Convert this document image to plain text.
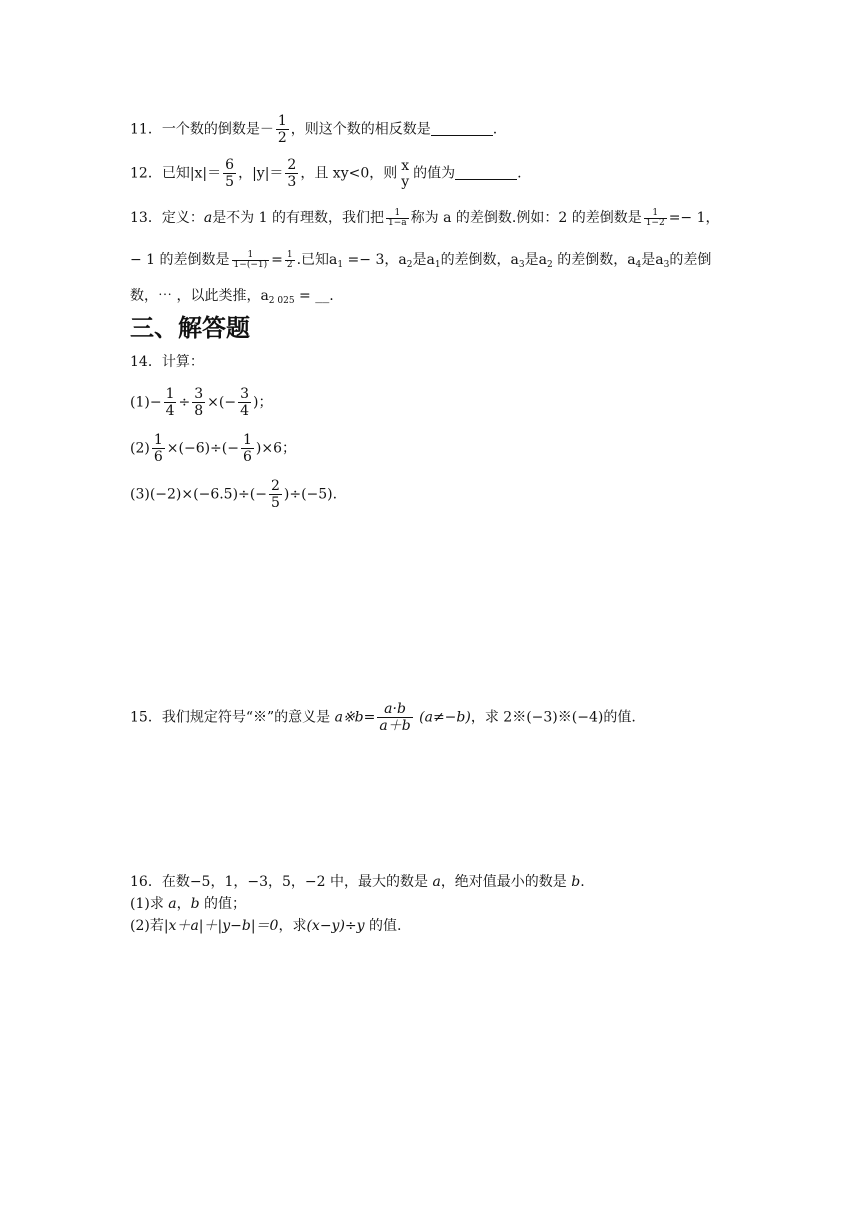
11．一个数的倒数是－ $\frac{1}{2}$ ，则这个数的相反数是	.
12．已知$|x|= \frac{6}{5}$ ，$|y|= \frac{2}{3}$ ，且 xy<0，则 x
y 的值为	.
13．定义：a是不为 1 的有理数，我们把 $\frac{1}{1-a}$ 称为 a 的差倒数.例如：2 的差倒数是 $\frac{1}{1-2} =- 1$，
− 1 的差倒数是 $\frac{1}{1-(-1)} = \frac{1}{2}$ .已知$a_1 =- 3$，$a_2$是$a_1$的差倒数，$a_3$是$a_2$ 的差倒数，$a_4$是$a_3$的差倒
数，⋯ ，以此类推，$a_{2 025}$ = __.
三、解答题
14．计算：
$(1)- \frac{1}{4} \div \frac{3}{8}$ ×(− $\frac{3}{4}$ )；
$(2) \frac{1}{6} \times(-6)\div(- \frac{1}{6} )\times 6$；
$(3)(-2)\times(-6.5)\div(- \frac{2}{5} )\div(-5)$.
15．我们规定符号“※”的意义是 a※b= $\frac{a\cdot b}{a+b} (a\ne-b)$，求 2※(−3)※(−4)的值.
16．在数−5，1，−3，5，−2 中，最大的数是 a，绝对值最小的数是 b.
(1)求 a，b 的值；
(2)若|x＋a|＋|y−b|＝0，求(x−y)÷y 的值.
